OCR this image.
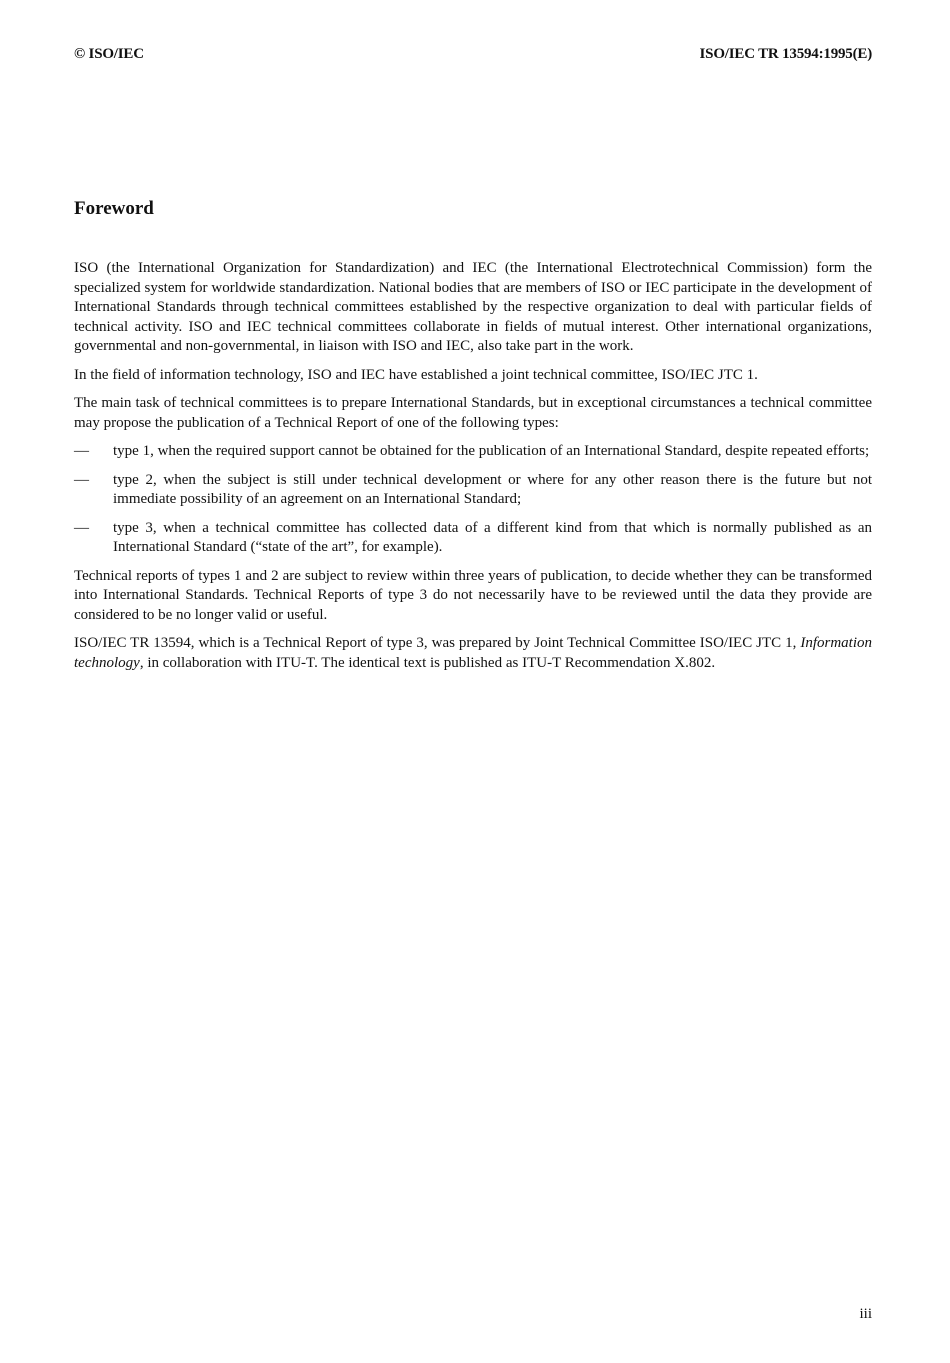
© ISO/IEC	ISO/IEC TR 13594:1995(E)
Foreword

ISO (the International Organization for Standardization) and IEC (the International Electrotechnical Commission) form the specialized system for worldwide standardization. National bodies that are members of ISO or IEC participate in the development of International Standards through technical committees established by the respective organization to deal with particular fields of technical activity. ISO and IEC technical committees collaborate in fields of mutual interest. Other international organizations, governmental and non-governmental, in liaison with ISO and IEC, also take part in the work.

In the field of information technology, ISO and IEC have established a joint technical committee, ISO/IEC JTC 1.

The main task of technical committees is to prepare International Standards, but in exceptional circumstances a technical committee may propose the publication of a Technical Report of one of the following types:

— type 1, when the required support cannot be obtained for the publication of an International Standard, despite repeated efforts;
— type 2, when the subject is still under technical development or where for any other reason there is the future but not immediate possibility of an agreement on an International Standard;
— type 3, when a technical committee has collected data of a different kind from that which is normally published as an International Standard (“state of the art”, for example).

Technical reports of types 1 and 2 are subject to review within three years of publication, to decide whether they can be transformed into International Standards. Technical Reports of type 3 do not necessarily have to be reviewed until the data they provide are considered to be no longer valid or useful.

ISO/IEC TR 13594, which is a Technical Report of type 3, was prepared by Joint Technical Committee ISO/IEC JTC 1, Information technology, in collaboration with ITU-T. The identical text is published as ITU-T Recommendation X.802.

iii
